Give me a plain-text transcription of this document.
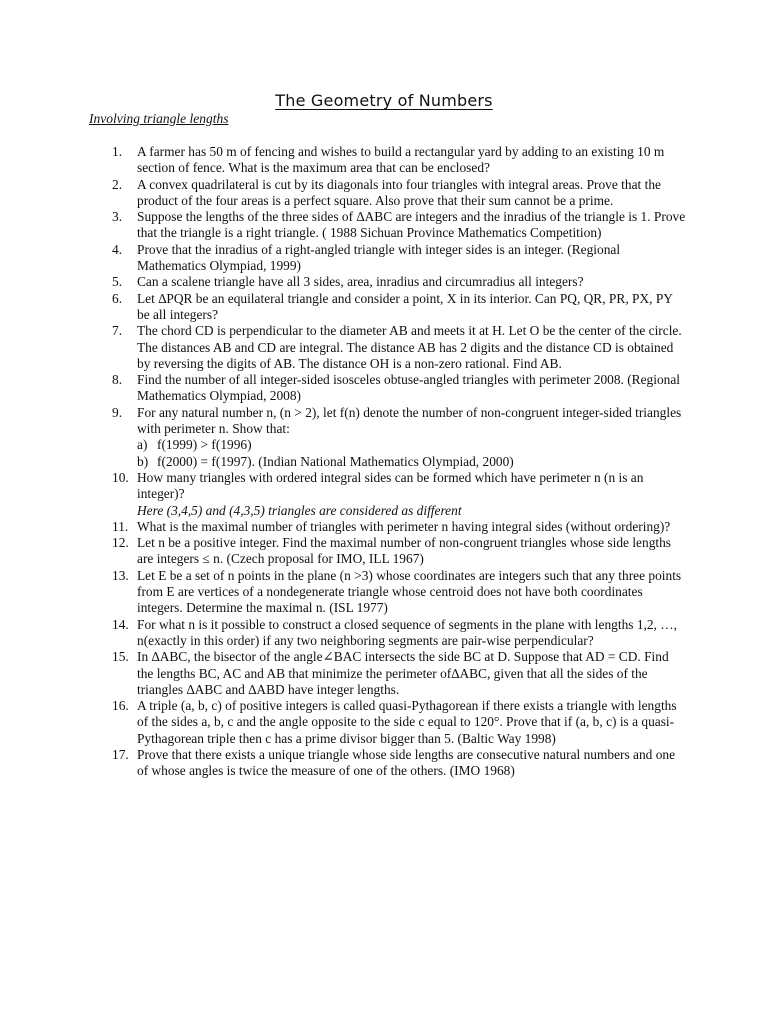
The Geometry of Numbers
Involving triangle lengths
1. A farmer has 50 m of fencing and wishes to build a rectangular yard by adding to an existing 10 m section of fence. What is the maximum area that can be enclosed?
2. A convex quadrilateral is cut by its diagonals into four triangles with integral areas. Prove that the product of the four areas is a perfect square. Also prove that their sum cannot be a prime.
3. Suppose the lengths of the three sides of ∆ABC are integers and the inradius of the triangle is 1. Prove that the triangle is a right triangle. ( 1988 Sichuan Province Mathematics Competition)
4. Prove that the inradius of a right-angled triangle with integer sides is an integer. (Regional Mathematics Olympiad, 1999)
5. Can a scalene triangle have all 3 sides, area, inradius and circumradius all integers?
6. Let ∆PQR be an equilateral triangle and consider a point, X in its interior. Can PQ, QR, PR, PX, PY be all integers?
7. The chord CD is perpendicular to the diameter AB and meets it at H. Let O be the center of the circle. The distances AB and CD are integral. The distance AB has 2 digits and the distance CD is obtained by reversing the digits of AB. The distance OH is a non-zero rational. Find AB.
8. Find the number of all integer-sided isosceles obtuse-angled triangles with perimeter 2008. (Regional Mathematics Olympiad, 2008)
9. For any natural number n, (n > 2), let f(n) denote the number of non-congruent integer-sided triangles with perimeter n. Show that:
a) f(1999) > f(1996)
b) f(2000) = f(1997). (Indian National Mathematics Olympiad, 2000)
10. How many triangles with ordered integral sides can be formed which have perimeter n (n is an integer)?
Here (3,4,5) and (4,3,5) triangles are considered as different
11. What is the maximal number of triangles with perimeter n having integral sides (without ordering)?
12. Let n be a positive integer. Find the maximal number of non-congruent triangles whose side lengths are integers ≤ n. (Czech proposal for IMO, ILL 1967)
13. Let E be a set of n points in the plane (n >3) whose coordinates are integers such that any three points from E are vertices of a nondegenerate triangle whose centroid does not have both coordinates integers. Determine the maximal n. (ISL 1977)
14. For what n is it possible to construct a closed sequence of segments in the plane with lengths 1,2, …, n(exactly in this order) if any two neighboring segments are pair-wise perpendicular?
15. In ∆ABC, the bisector of the angle∠BAC intersects the side BC at D. Suppose that AD = CD. Find the lengths BC, AC and AB that minimize the perimeter of∆ABC, given that all the sides of the triangles ∆ABC and ∆ABD have integer lengths.
16. A triple (a, b, c) of positive integers is called quasi-Pythagorean if there exists a triangle with lengths of the sides a, b, c and the angle opposite to the side c equal to 120°. Prove that if (a, b, c) is a quasi-Pythagorean triple then c has a prime divisor bigger than 5. (Baltic Way 1998)
17. Prove that there exists a unique triangle whose side lengths are consecutive natural numbers and one of whose angles is twice the measure of one of the others. (IMO 1968)
